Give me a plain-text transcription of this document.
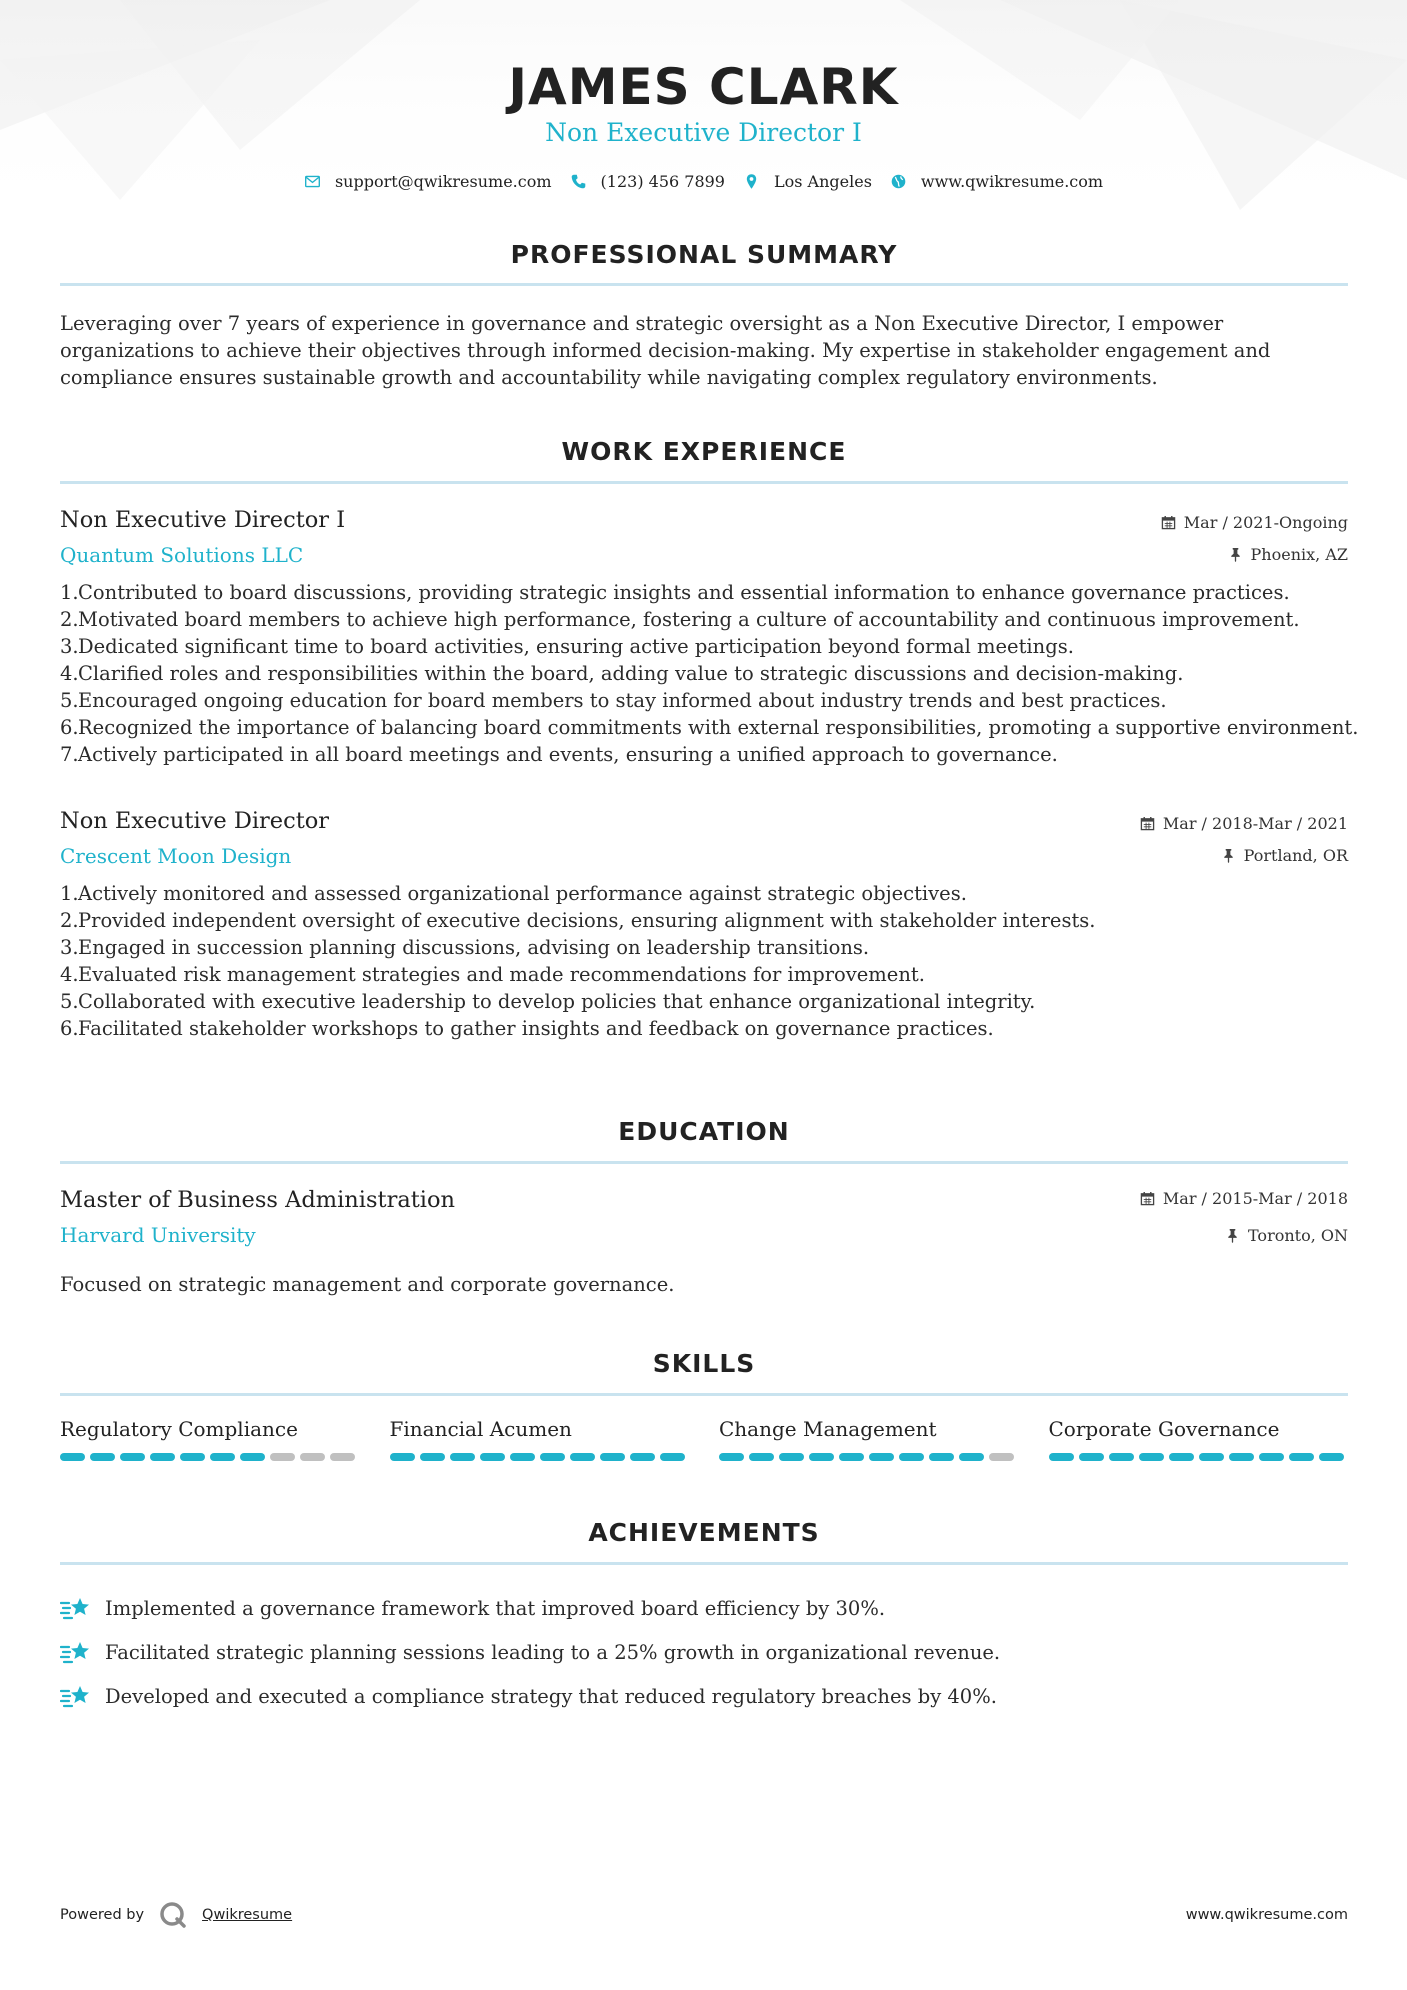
JAMES CLARK
Non Executive Director I
support@qwikresume.com	(123) 456 7899	Los Angeles	www.qwikresume.com
PROFESSIONAL SUMMARY

Leveraging over 7 years of experience in governance and strategic oversight as a Non Executive Director, I empower organizations to achieve their objectives through informed decision-making. My expertise in stakeholder engagement and compliance ensures sustainable growth and accountability while navigating complex regulatory environments.

WORK EXPERIENCE
Non Executive Director I
Quantum Solutions LLC
Mar / 2021-Ongoing
Phoenix, AZ
1.Contributed to board discussions, providing strategic insights and essential information to enhance governance practices.
2.Motivated board members to achieve high performance, fostering a culture of accountability and continuous improvement.
3.Dedicated significant time to board activities, ensuring active participation beyond formal meetings.
4.Clarified roles and responsibilities within the board, adding value to strategic discussions and decision-making.
5.Encouraged ongoing education for board members to stay informed about industry trends and best practices.
6.Recognized the importance of balancing board commitments with external responsibilities, promoting a supportive environment.
7.Actively participated in all board meetings and events, ensuring a unified approach to governance.
Non Executive Director
Crescent Moon Design
Mar / 2018-Mar / 2021
Portland, OR
1.Actively monitored and assessed organizational performance against strategic objectives.
2.Provided independent oversight of executive decisions, ensuring alignment with stakeholder interests.
3.Engaged in succession planning discussions, advising on leadership transitions.
4.Evaluated risk management strategies and made recommendations for improvement.
5.Collaborated with executive leadership to develop policies that enhance organizational integrity.
6.Facilitated stakeholder workshops to gather insights and feedback on governance practices.
EDUCATION
Master of Business Administration
Harvard University
Mar / 2015-Mar / 2018
Toronto, ON
Focused on strategic management and corporate governance.
SKILLS
Regulatory Compliance	Financial Acumen	Change Management	Corporate Governance
ACHIEVEMENTS
Implemented a governance framework that improved board efficiency by 30%.
Facilitated strategic planning sessions leading to a 25% growth in organizational revenue.
Developed and executed a compliance strategy that reduced regulatory breaches by 40%.
Powered by	Qwikresume	www.qwikresume.com
